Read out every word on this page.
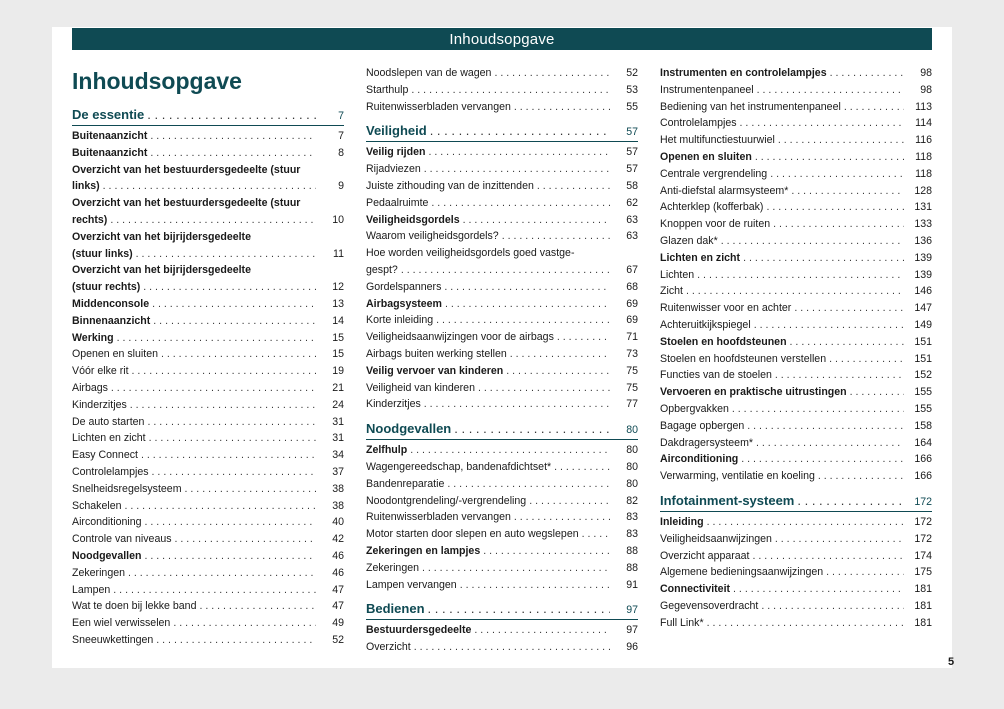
Inhoudsopgave
Inhoudsopgave
De essentie . . .	7
Buitenaanzicht . . .	7
Buitenaanzicht . . .	8
Overzicht van het bestuurdersgedeelte (stuur
links) . . .	9
Overzicht van het bestuurdersgedeelte (stuur
rechts) . . .	10
Overzicht van het bijrijdersgedeelte
(stuur links) . . .	11
Overzicht van het bijrijdersgedeelte
(stuur rechts) . . .	12
Middenconsole . . .	13
Binnenaanzicht . . .	14
Werking . . .	15
Openen en sluiten . . .	15
Vóór elke rit . . .	19
Airbags . . .	21
Kinderzitjes . . .	24
De auto starten . . .	31
Lichten en zicht . . .	31
Easy Connect . . .	34
Controlelampjes . . .	37
Snelheidsregelsysteem . . .	38
Schakelen . . .	38
Airconditioning . . .	40
Controle van niveaus . . .	42
Noodgevallen . . .	46
Zekeringen . . .	46
Lampen . . .	47
Wat te doen bij lekke band . . .	47
Een wiel verwisselen . . .	49
Sneeuwkettingen . . .	52
Noodslepen van de wagen . . .	52
Starthulp . . .	53
Ruitenwisserbladen vervangen . . .	55
Veiligheid . . .	57
Veilig rijden . . .	57
Rijadviezen . . .	57
Juiste zithouding van de inzittenden . . .	58
Pedaalruimte . . .	62
Veiligheidsgordels . . .	63
Waarom veiligheidsgordels? . . .	63
Hoe worden veiligheidsgordels goed vastge-
gespt? . . .	67
Gordelspanners . . .	68
Airbagsysteem . . .	69
Korte inleiding . . .	69
Veiligheidsaanwijzingen voor de airbags . . .	71
Airbags buiten werking stellen . . .	73
Veilig vervoer van kinderen . . .	75
Veiligheid van kinderen . . .	75
Kinderzitjes . . .	77
Noodgevallen . . .	80
Zelfhulp . . .	80
Wagengereedschap, bandenafdichtset* . . .	80
Bandenreparatie . . .	80
Noodontgrendeling/-vergrendeling . . .	82
Ruitenwisserbladen vervangen . . .	83
Motor starten door slepen en auto wegslepen . . .	83
Zekeringen en lampjes . . .	88
Zekeringen . . .	88
Lampen vervangen . . .	91
Bedienen . . .	97
Bestuurdersgedeelte . . .	97
Overzicht . . .	96
Instrumenten en controlelampjes . . .	98
Instrumentenpaneel . . .	98
Bediening van het instrumentenpaneel . . .	113
Controlelampjes . . .	114
Het multifunctiestuurwiel . . .	116
Openen en sluiten . . .	118
Centrale vergrendeling . . .	118
Anti-diefstal alarmsysteem* . . .	128
Achterklep (kofferbak) . . .	131
Knoppen voor de ruiten . . .	133
Glazen dak* . . .	136
Lichten en zicht . . .	139
Lichten . . .	139
Zicht . . .	146
Ruitenwisser voor en achter . . .	147
Achteruitkijkspiegel . . .	149
Stoelen en hoofdsteunen . . .	151
Stoelen en hoofdsteunen verstellen . . .	151
Functies van de stoelen . . .	152
Vervoeren en praktische uitrustingen . . .	155
Opbergvakken . . .	155
Bagage opbergen . . .	158
Dakdragersysteem* . . .	164
Airconditioning . . .	166
Verwarming, ventilatie en koeling . . .	166
Infotainment-systeem . . .	172
Inleiding . . .	172
Veiligheidsaanwijzingen . . .	172
Overzicht apparaat . . .	174
Algemene bedieningsaanwijzingen . . .	175
Connectiviteit . . .	181
Gegevensoverdracht . . .	181
Full Link* . . .	181
5
